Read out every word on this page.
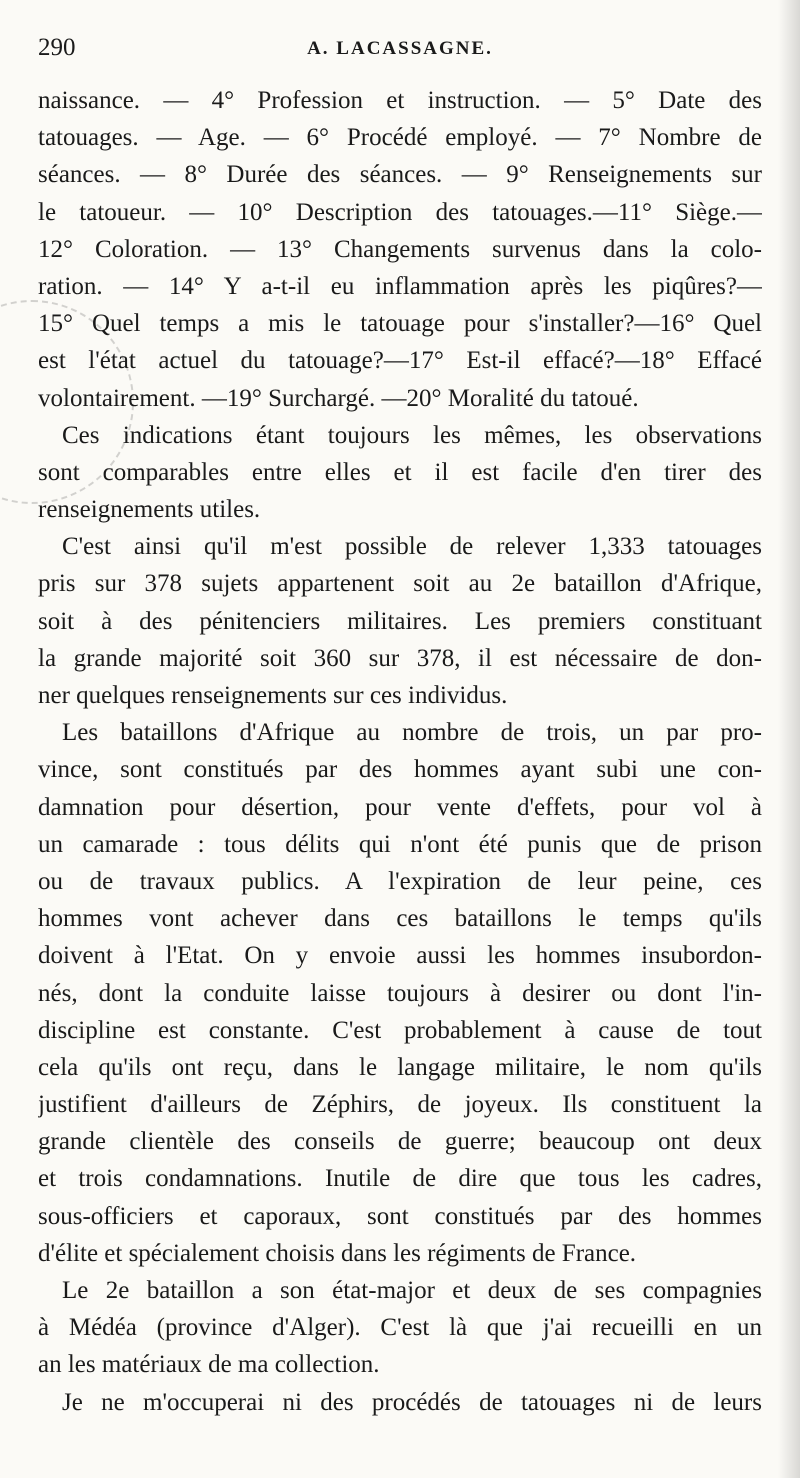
290	A. LACASSAGNE.
naissance. — 4° Profession et instruction. — 5° Date des
tatouages. — Age. — 6° Procédé employé. — 7° Nombre de
séances. — 8° Durée des séances. — 9° Renseignements sur
le tatoueur. — 10° Description des tatouages.—11° Siège.—
12° Coloration. — 13° Changements survenus dans la colo-
ration. — 14° Y a-t-il eu inflammation après les piqûres?—
15° Quel temps a mis le tatouage pour s'installer?—16° Quel
est l'état actuel du tatouage?—17° Est-il effacé?—18° Effacé
volontairement. —19° Surchargé. —20° Moralité du tatoué.
Ces indications étant toujours les mêmes, les observations
sont comparables entre elles et il est facile d'en tirer des
renseignements utiles.
C'est ainsi qu'il m'est possible de relever 1,333 tatouages
pris sur 378 sujets appartenent soit au 2e bataillon d'Afrique,
soit à des pénitenciers militaires. Les premiers constituant
la grande majorité soit 360 sur 378, il est nécessaire de don-
ner quelques renseignements sur ces individus.
Les bataillons d'Afrique au nombre de trois, un par pro-
vince, sont constitués par des hommes ayant subi une con-
damnation pour désertion, pour vente d'effets, pour vol à
un camarade : tous délits qui n'ont été punis que de prison
ou de travaux publics. A l'expiration de leur peine, ces
hommes vont achever dans ces bataillons le temps qu'ils
doivent à l'Etat. On y envoie aussi les hommes insubordon-
nés, dont la conduite laisse toujours à desirer ou dont l'in-
discipline est constante. C'est probablement à cause de tout
cela qu'ils ont reçu, dans le langage militaire, le nom qu'ils
justifient d'ailleurs de Zéphirs, de joyeux. Ils constituent la
grande clientèle des conseils de guerre; beaucoup ont deux
et trois condamnations. Inutile de dire que tous les cadres,
sous-officiers et caporaux, sont constitués par des hommes
d'élite et spécialement choisis dans les régiments de France.
Le 2e bataillon a son état-major et deux de ses compagnies
à Médéa (province d'Alger). C'est là que j'ai recueilli en un
an les matériaux de ma collection.
Je ne m'occuperai ni des procédés de tatouages ni de leurs
